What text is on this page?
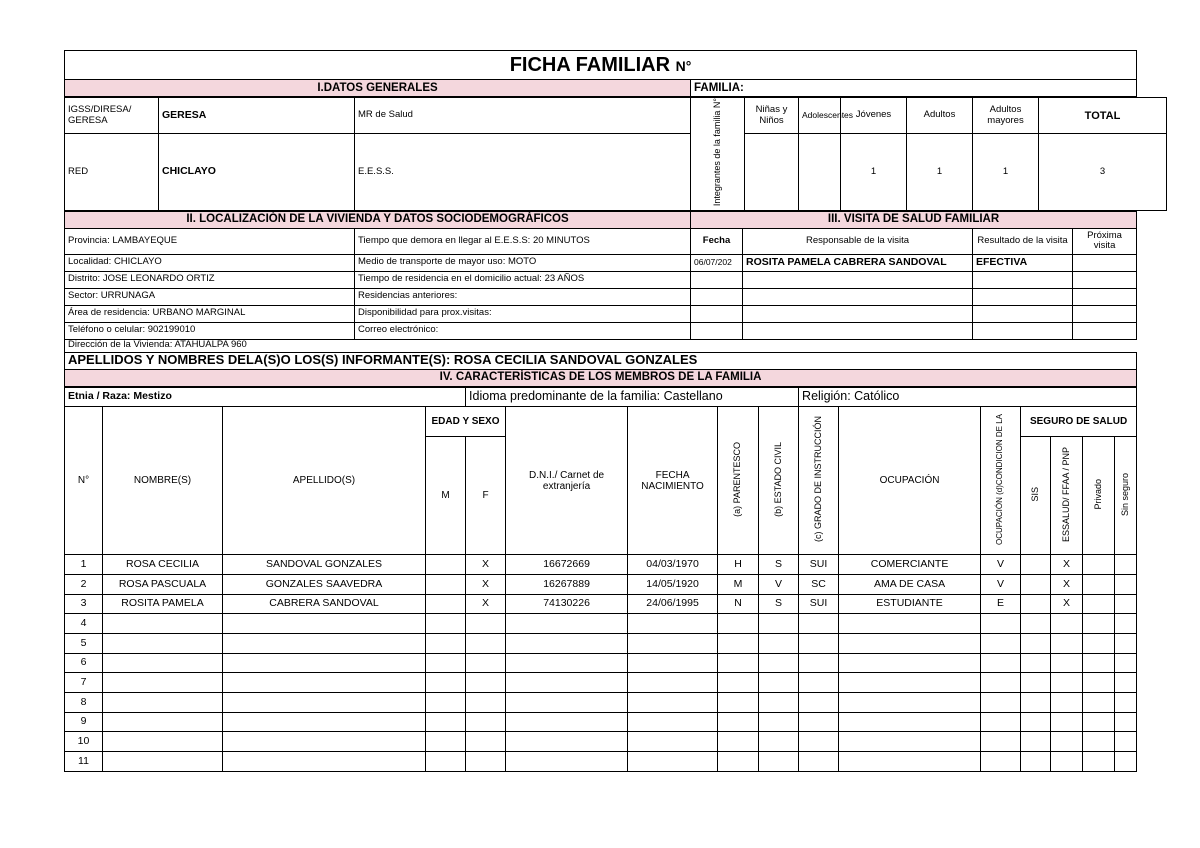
FICHA FAMILIAR N°
I.DATOS GENERALES	FAMILIA:
IGSS/DIRESA/ GERESA	GERESA	MR de Salud	Integrantes de la familia N°	Niñas y Niños	Adolescentes	Jóvenes	Adultos	Adultos mayores	TOTAL
RED	CHICLAYO	E.E.S.S.				1	1	1	3
II. LOCALIZACIÓN DE LA VIVIENDA Y DATOS SOCIODEMOGRÁFICOS		III. VISITA DE SALUD FAMILIAR			
Provincia: LAMBAYEQUE	Tiempo que demora en llegar al E.E.S.S: 20 MINUTOS	Fecha	Responsable de la visita	Resultado de la visita	Próxima visita
Localidad: CHICLAYO	Medio de transporte de mayor uso: MOTO	06/07/202	ROSITA PAMELA CABRERA SANDOVAL	EFECTIVA	
Distrito: JOSE LEONARDO ORTIZ	Tiempo de residencia en el domicilio actual: 23 AÑOS				
Sector: URRUNAGA	Residencias anteriores:				
Área de residencia: URBANO MARGINAL	Disponibilidad para prox.visitas:				
Teléfono o celular: 902199010	Correo electrónico:				
Dirección de la Vivienda: ATAHUALPA 960					
APELLIDOS Y NOMBRES DELA(S)O LOS(S) INFORMANTE(S): ROSA CECILIA SANDOVAL GONZALES					
IV. CARACTERÍSTICAS DE LOS MEMBROS DE LA FAMILIA					
Etnia / Raza: Mestizo				Idioma predominante de la familia: Castellano					Religión: Católico						
N°	NOMBRE(S)	APELLIDO(S)	EDAD Y SEXO		D.N.I./ Carnet de extranjería	FECHA NACIMIENTO	(a) PARENTESCO	(b) ESTADO CIVIL	(c) GRADO DE INSTRUCCIÓN	OCUPACIÓN	OCUPACIÓN (d)CONDICION DE LA	SEGURO DE SALUD			
			M	F								SIS	ESSALUD/ FFAA / PNP	Privado	Sin seguro
1	ROSA CECILIA	SANDOVAL GONZALES		X	16672669	04/03/1970	H	S	SUI	COMERCIANTE	V		X		
2	ROSA PASCUALA	GONZALES SAAVEDRA		X	16267889	14/05/1920	M	V	SC	AMA DE CASA	V		X		
3	ROSITA PAMELA	CABRERA SANDOVAL		X	74130226	24/06/1995	N	S	SUI	ESTUDIANTE	E		X		
4															
5															
6															
7															
8															
9															
10															
11															
